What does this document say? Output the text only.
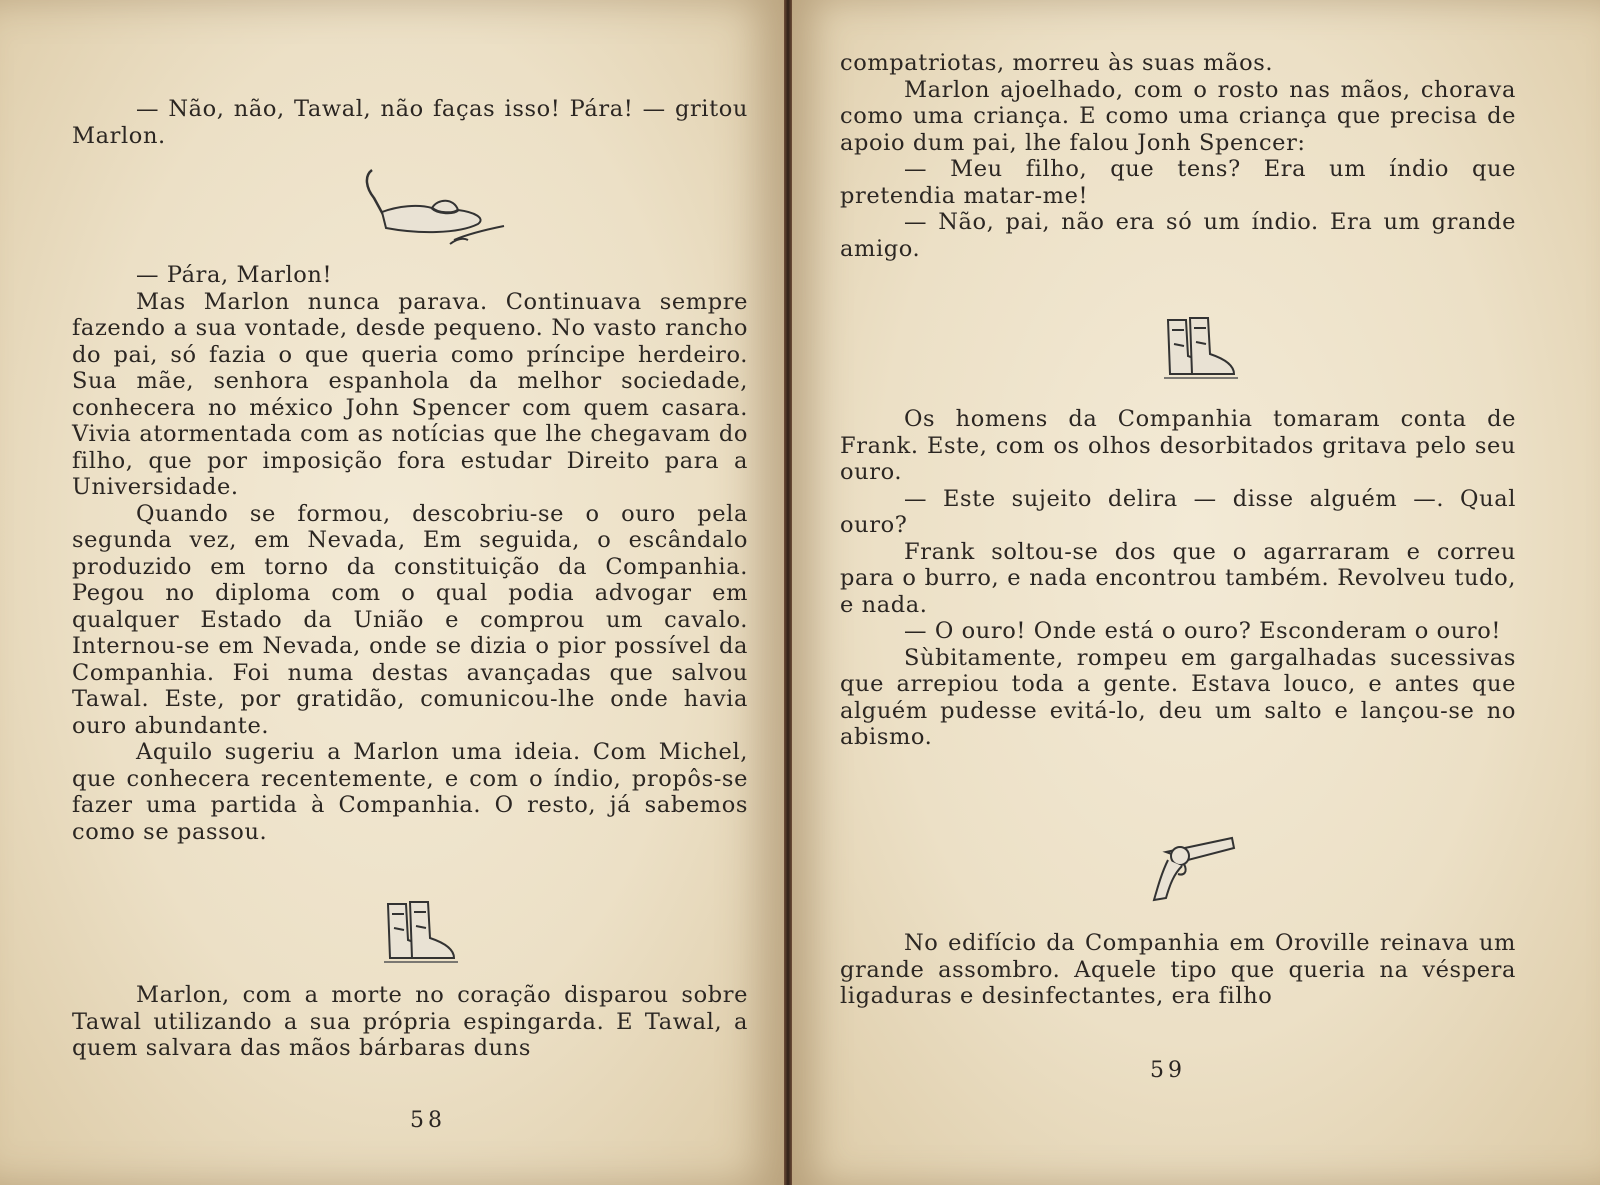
— Não, não, Tawal, não faças isso! Pára! — gritou Marlon.

— Pára, Marlon!

Mas Marlon nunca parava. Continuava sempre fazendo a sua vontade, desde pequeno. No vasto rancho do pai, só fazia o que queria como príncipe herdeiro. Sua mãe, senhora espanhola da melhor sociedade, conhecera no méxico John Spencer com quem casara. Vivia atormentada com as notícias que lhe chegavam do filho, que por imposição fora estudar Direito para a Universidade.

Quando se formou, descobriu-se o ouro pela segunda vez, em Nevada, Em seguida, o escândalo produzido em torno da constituição da Companhia. Pegou no diploma com o qual podia advogar em qualquer Estado da União e comprou um cavalo. Internou-se em Nevada, onde se dizia o pior possível da Companhia. Foi numa destas avançadas que salvou Tawal. Este, por gratidão, comunicou-lhe onde havia ouro abundante.

Aquilo sugeriu a Marlon uma ideia. Com Michel, que conhecera recentemente, e com o índio, propôs-se fazer uma partida à Companhia. O resto, já sabemos como se passou.

Marlon, com a morte no coração disparou sobre Tawal utilizando a sua própria espingarda. E Tawal, a quem salvara das mãos bárbaras duns

58

compatriotas, morreu às suas mãos.

Marlon ajoelhado, com o rosto nas mãos, chorava como uma criança. E como uma criança que precisa de apoio dum pai, lhe falou Jonh Spencer:

— Meu filho, que tens? Era um índio que pretendia matar-me!

— Não, pai, não era só um índio. Era um grande amigo.

Os homens da Companhia tomaram conta de Frank. Este, com os olhos desorbitados gritava pelo seu ouro.

— Este sujeito delira — disse alguém —. Qual ouro?

Frank soltou-se dos que o agarraram e correu para o burro, e nada encontrou também. Revolveu tudo, e nada.

— O ouro! Onde está o ouro? Esconderam o ouro!

Sùbitamente, rompeu em gargalhadas sucessivas que arrepiou toda a gente. Estava louco, e antes que alguém pudesse evitá-lo, deu um salto e lançou-se no abismo.

No edifício da Companhia em Oroville reinava um grande assombro. Aquele tipo que queria na véspera ligaduras e desinfectantes, era filho

59
